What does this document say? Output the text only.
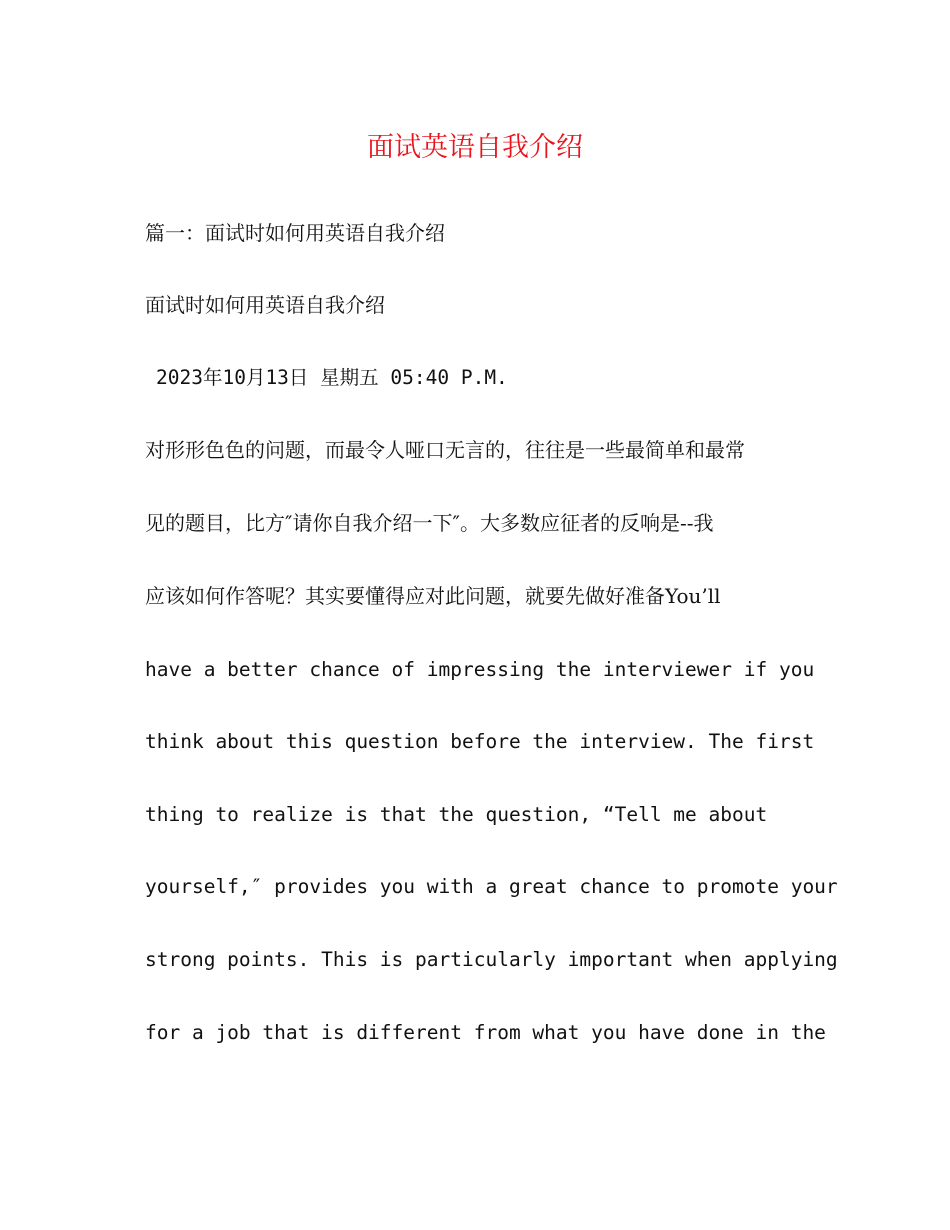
面试英语自我介绍

篇一：面试时如何用英语自我介绍

面试时如何用英语自我介绍

2023年10月13日 星期五 05:40 P.M.

对形形色色的问题，而最令人哑口无言的，往往是一些最简单和最常

见的题目，比方″请你自我介绍一下″。大多数应征者的反响是--我

应该如何作答呢？其实要懂得应对此问题，就要先做好准备You’ll

have a better chance of impressing the interviewer if you

think about this question before the interview. The first

thing to realize is that the question, “Tell me about

yourself,″ provides you with a great chance to promote your

strong points. This is particularly important when applying

for a job that is different from what you have done in the
